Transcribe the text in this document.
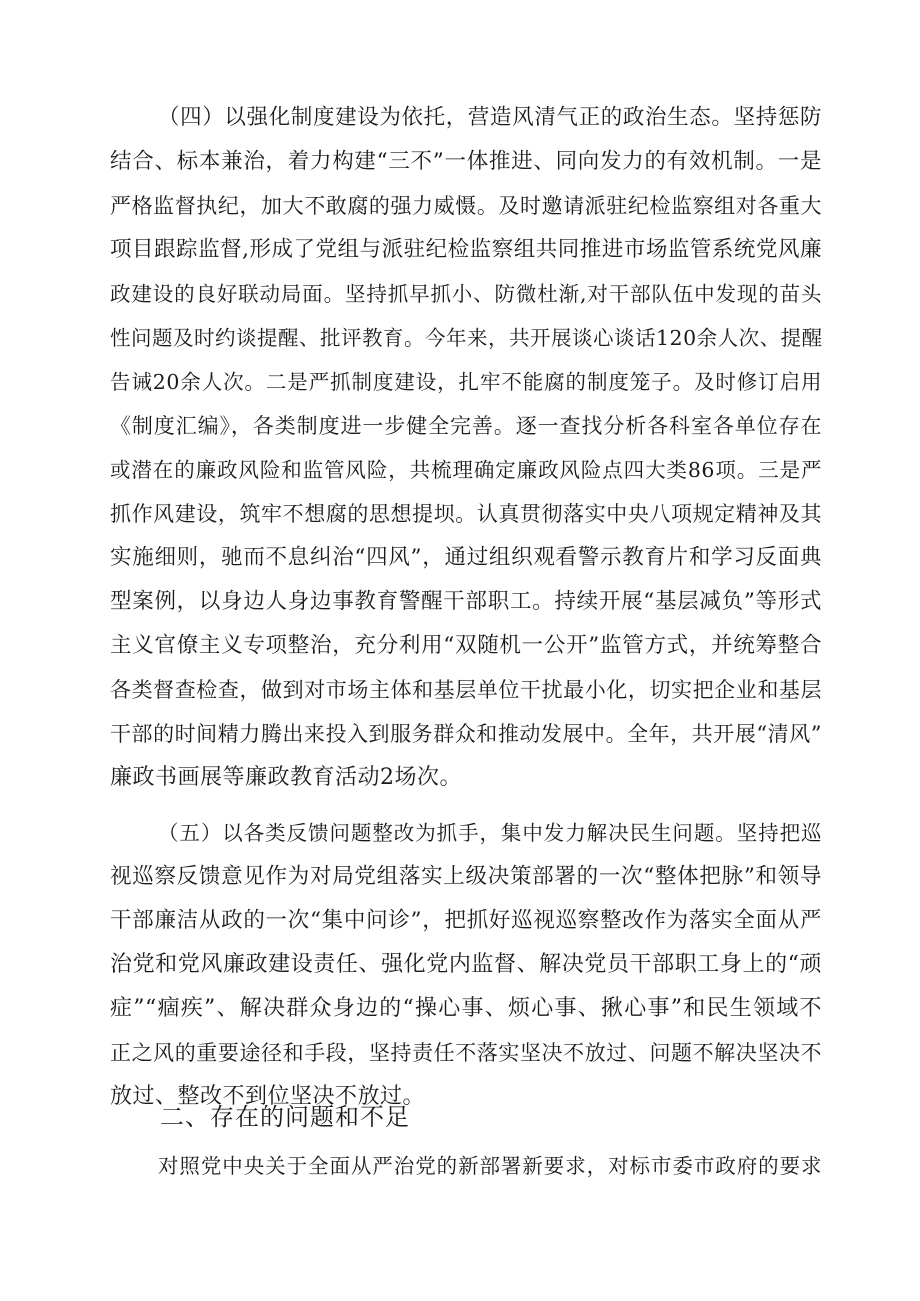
（四）以强化制度建设为依托，营造风清气正的政治生态。坚持惩防
结合、标本兼治，着力构建“三不”一体推进、同向发力的有效机制。一是
严格监督执纪，加大不敢腐的强力威慑。及时邀请派驻纪检监察组对各重大
项目跟踪监督,形成了党组与派驻纪检监察组共同推进市场监管系统党风廉
政建设的良好联动局面。坚持抓早抓小、防微杜渐,对干部队伍中发现的苗头
性问题及时约谈提醒、批评教育。今年来，共开展谈心谈话120余人次、提醒
告诫20余人次。二是严抓制度建设，扎牢不能腐的制度笼子。及时修订启用
《制度汇编》，各类制度进一步健全完善。逐一查找分析各科室各单位存在
或潜在的廉政风险和监管风险，共梳理确定廉政风险点四大类86项。三是严
抓作风建设，筑牢不想腐的思想提坝。认真贯彻落实中央八项规定精神及其
实施细则，驰而不息纠治“四风”，通过组织观看警示教育片和学习反面典
型案例，以身边人身边事教育警醒干部职工。持续开展“基层减负”等形式
主义官僚主义专项整治，充分利用“双随机一公开”监管方式，并统筹整合
各类督查检查，做到对市场主体和基层单位干扰最小化，切实把企业和基层
干部的时间精力腾出来投入到服务群众和推动发展中。全年，共开展“清风”
廉政书画展等廉政教育活动2场次。
（五）以各类反馈问题整改为抓手，集中发力解决民生问题。坚持把巡
视巡察反馈意见作为对局党组落实上级决策部署的一次“整体把脉”和领导
干部廉洁从政的一次“集中问诊”，把抓好巡视巡察整改作为落实全面从严
治党和党风廉政建设责任、强化党内监督、解决党员干部职工身上的“顽
症”“痼疾”、解决群众身边的“操心事、烦心事、揪心事”和民生领域不
正之风的重要途径和手段，坚持责任不落实坚决不放过、问题不解决坚决不
放过、整改不到位坚决不放过。
二、存在的问题和不足
对照党中央关于全面从严治党的新部署新要求，对标市委市政府的要求
